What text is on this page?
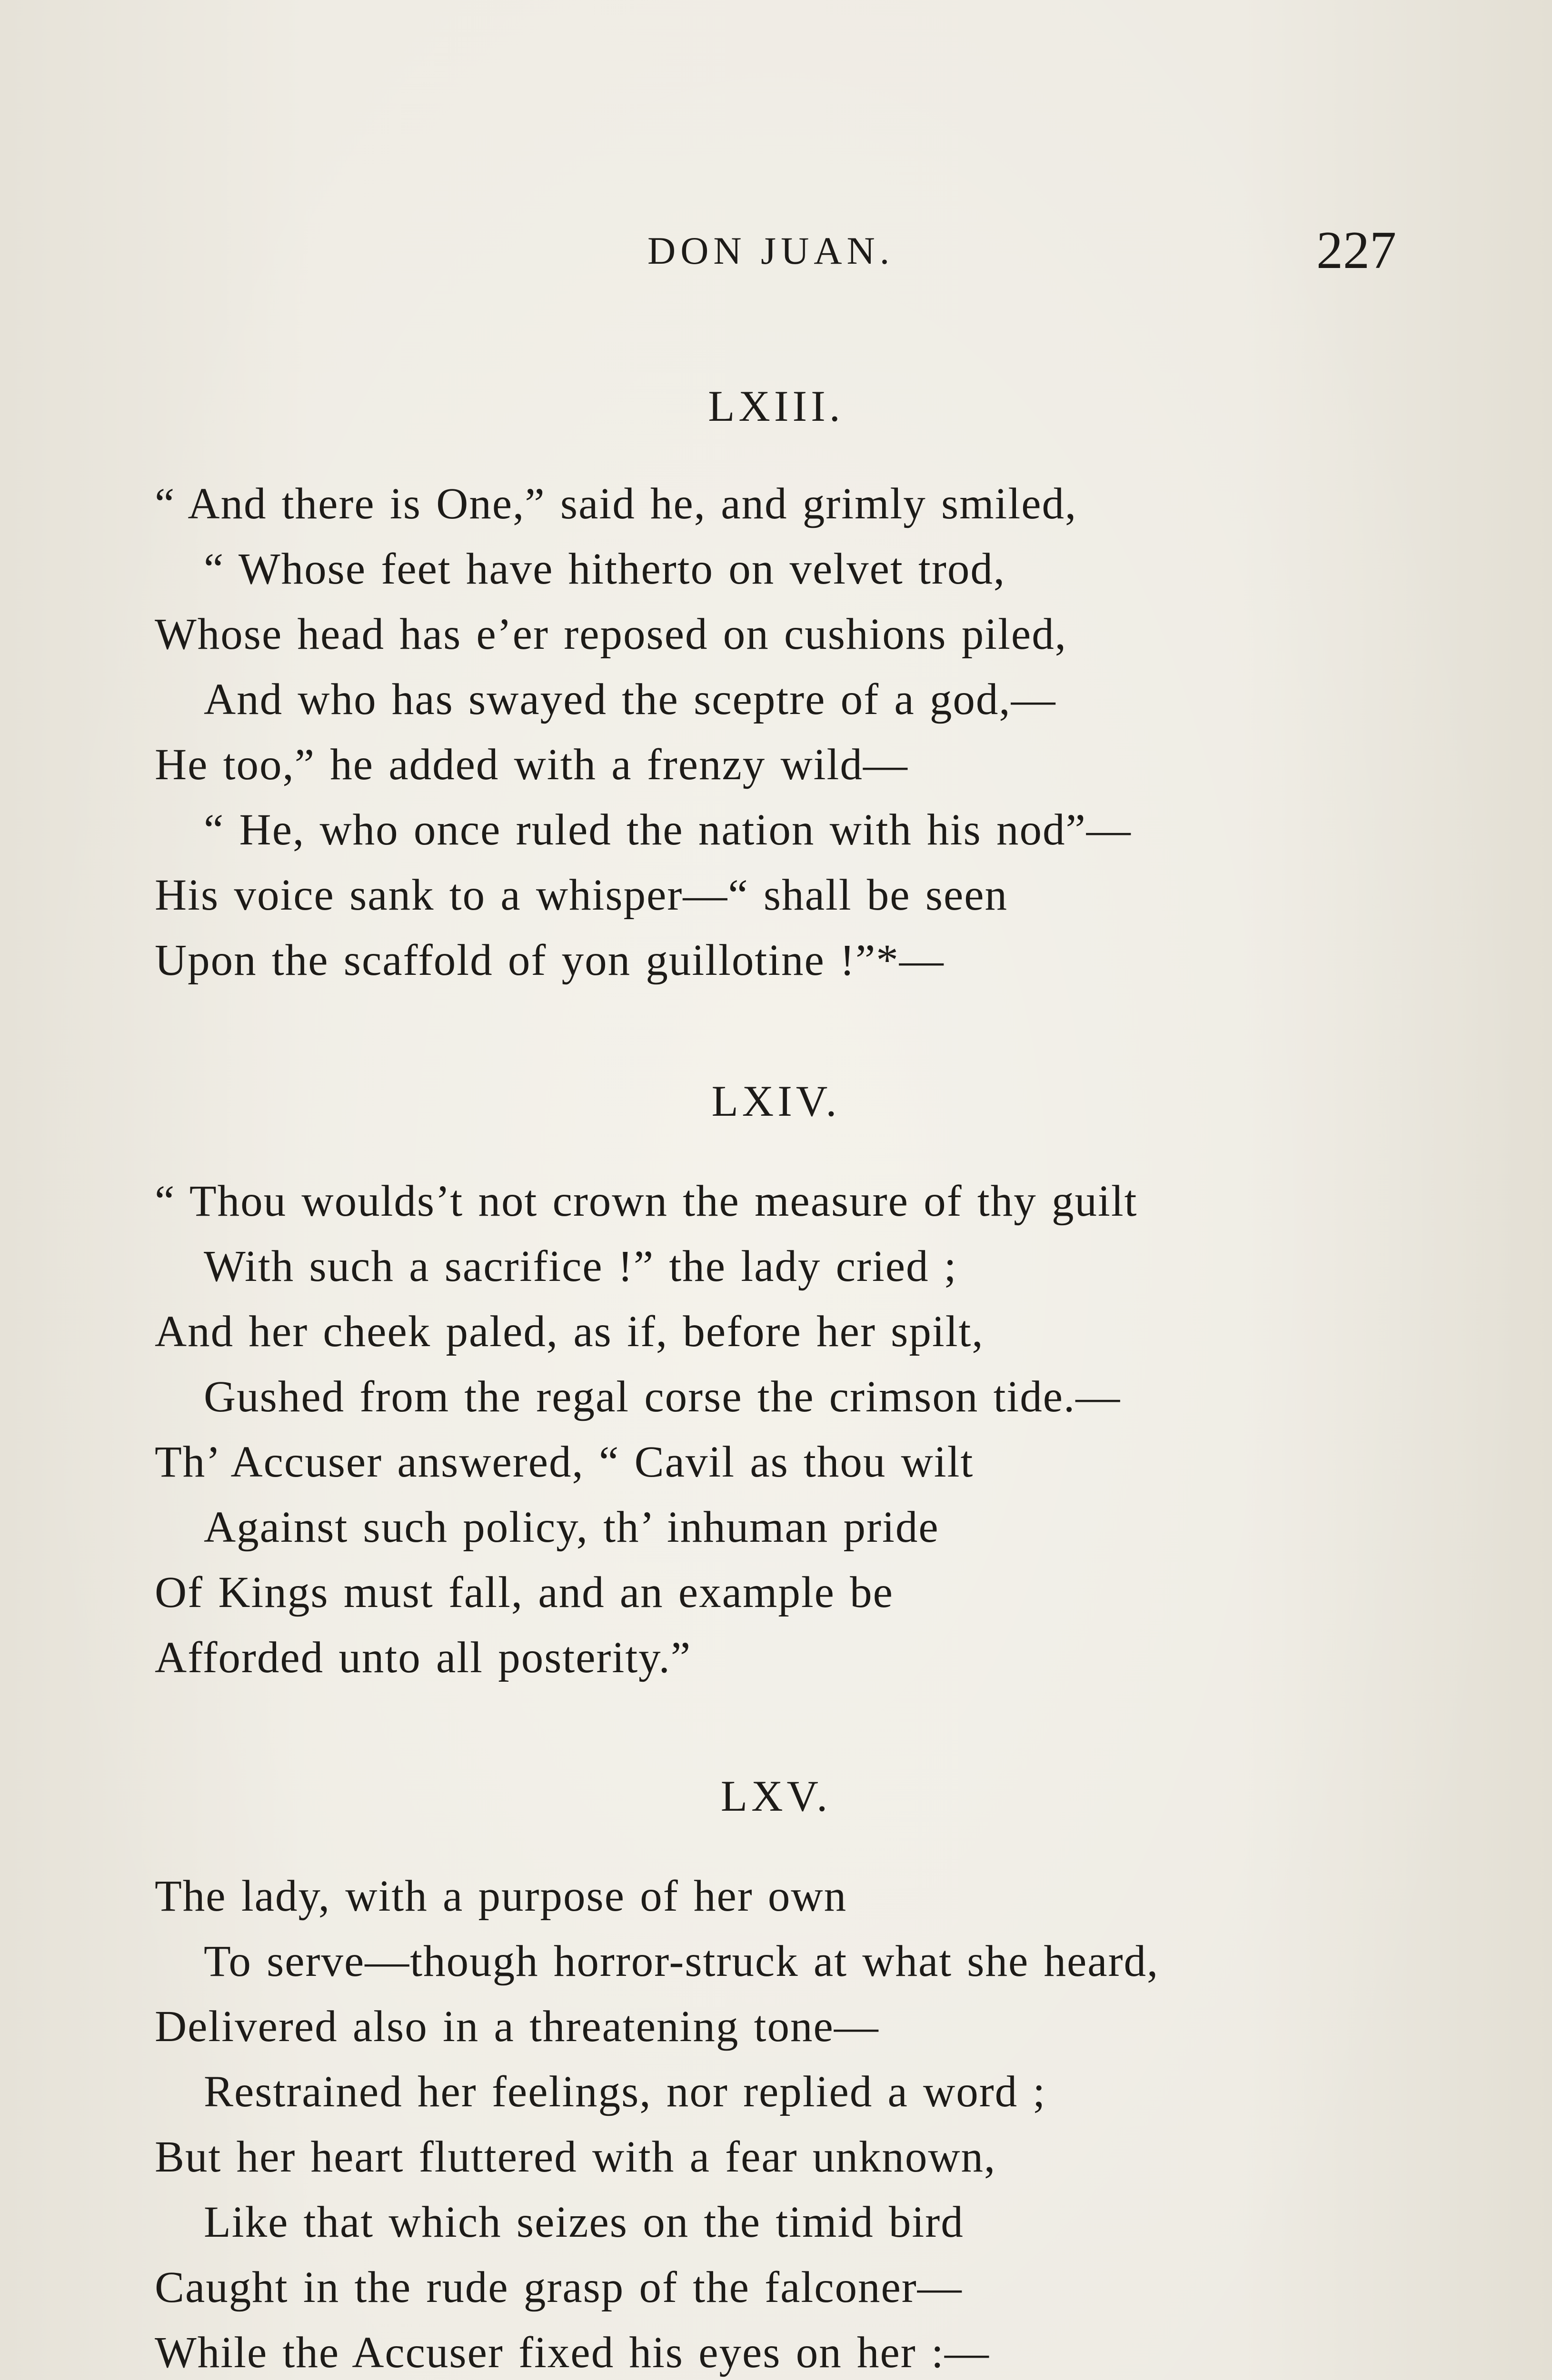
DON JUAN.	227
LXIII.
“ And there is One,” said he, and grimly smiled,
“ Whose feet have hitherto on velvet trod,
Whose head has e’er reposed on cushions piled,
And who has swayed the sceptre of a god,—
He too,” he added with a frenzy wild—
“ He, who once ruled the nation with his nod”—
His voice sank to a whisper—“ shall be seen
Upon the scaffold of yon guillotine !”*—
LXIV.
“ Thou woulds’t not crown the measure of thy guilt
With such a sacrifice !” the lady cried ;
And her cheek paled, as if, before her spilt,
Gushed from the regal corse the crimson tide.—
Th’ Accuser answered, “ Cavil as thou wilt
Against such policy, th’ inhuman pride
Of Kings must fall, and an example be
Afforded unto all posterity.”
LXV.
The lady, with a purpose of her own
To serve—though horror-struck at what she heard,
Delivered also in a threatening tone—
Restrained her feelings, nor replied a word ;
But her heart fluttered with a fear unknown,
Like that which seizes on the timid bird
Caught in the rude grasp of the falconer—
While the Accuser fixed his eyes on her :—
